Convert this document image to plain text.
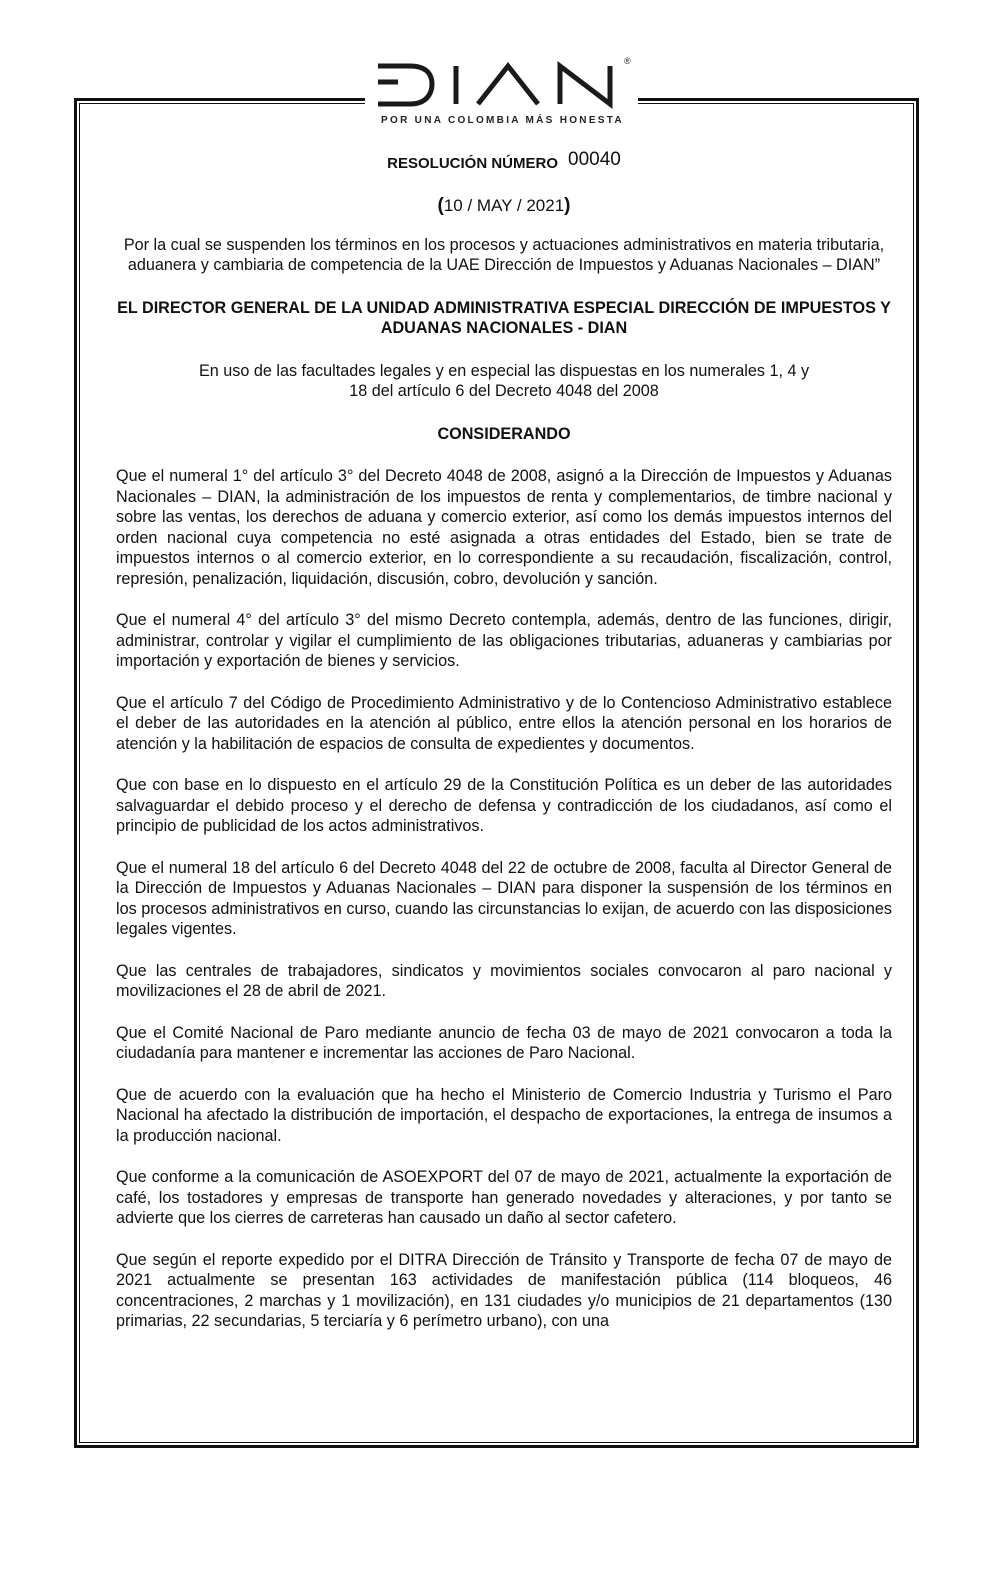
®
POR UNA COLOMBIA MÁS HONESTA
RESOLUCIÓN NÚMERO 00040
(10 / MAY / 2021)

Por la cual se suspenden los términos en los procesos y actuaciones administrativos en materia tributaria, aduanera y cambiaria de competencia de la UAE Dirección de Impuestos y Aduanas Nacionales – DIAN”

EL DIRECTOR GENERAL DE LA UNIDAD ADMINISTRATIVA ESPECIAL DIRECCIÓN DE IMPUESTOS Y ADUANAS NACIONALES - DIAN

En uso de las facultades legales y en especial las dispuestas en los numerales 1, 4 y
18 del artículo 6 del Decreto 4048 del 2008

CONSIDERANDO

Que el numeral 1° del artículo 3° del Decreto 4048 de 2008, asignó a la Dirección de Impuestos y Aduanas Nacionales – DIAN, la administración de los impuestos de renta y complementarios, de timbre nacional y sobre las ventas, los derechos de aduana y comercio exterior, así como los demás impuestos internos del orden nacional cuya competencia no esté asignada a otras entidades del Estado, bien se trate de impuestos internos o al comercio exterior, en lo correspondiente a su recaudación, fiscalización, control, represión, penalización, liquidación, discusión, cobro, devolución y sanción.

Que el numeral 4° del artículo 3° del mismo Decreto contempla, además, dentro de las funciones, dirigir, administrar, controlar y vigilar el cumplimiento de las obligaciones tributarias, aduaneras y cambiarias por importación y exportación de bienes y servicios.

Que el artículo 7 del Código de Procedimiento Administrativo y de lo Contencioso Administrativo establece el deber de las autoridades en la atención al público, entre ellos la atención personal en los horarios de atención y la habilitación de espacios de consulta de expedientes y documentos.

Que con base en lo dispuesto en el artículo 29 de la Constitución Política es un deber de las autoridades salvaguardar el debido proceso y el derecho de defensa y contradicción de los ciudadanos, así como el principio de publicidad de los actos administrativos.

Que el numeral 18 del artículo 6 del Decreto 4048 del 22 de octubre de 2008, faculta al Director General de la Dirección de Impuestos y Aduanas Nacionales – DIAN para disponer la suspensión de los términos en los procesos administrativos en curso, cuando las circunstancias lo exijan, de acuerdo con las disposiciones legales vigentes.

Que las centrales de trabajadores, sindicatos y movimientos sociales convocaron al paro nacional y movilizaciones el 28 de abril de 2021.

Que el Comité Nacional de Paro mediante anuncio de fecha 03 de mayo de 2021 convocaron a toda la ciudadanía para mantener e incrementar las acciones de Paro Nacional.

Que de acuerdo con la evaluación que ha hecho el Ministerio de Comercio Industria y Turismo el Paro Nacional ha afectado la distribución de importación, el despacho de exportaciones, la entrega de insumos a la producción nacional.

Que conforme a la comunicación de ASOEXPORT del 07 de mayo de 2021, actualmente la exportación de café, los tostadores y empresas de transporte han generado novedades y alteraciones, y por tanto se advierte que los cierres de carreteras han causado un daño al sector cafetero.

Que según el reporte expedido por el DITRA Dirección de Tránsito y Transporte de fecha 07 de mayo de 2021 actualmente se presentan 163 actividades de manifestación pública (114 bloqueos, 46 concentraciones, 2 marchas y 1 movilización), en 131 ciudades y/o municipios de 21 departamentos (130 primarias, 22 secundarias, 5 terciaría y 6 perímetro urbano), con una
